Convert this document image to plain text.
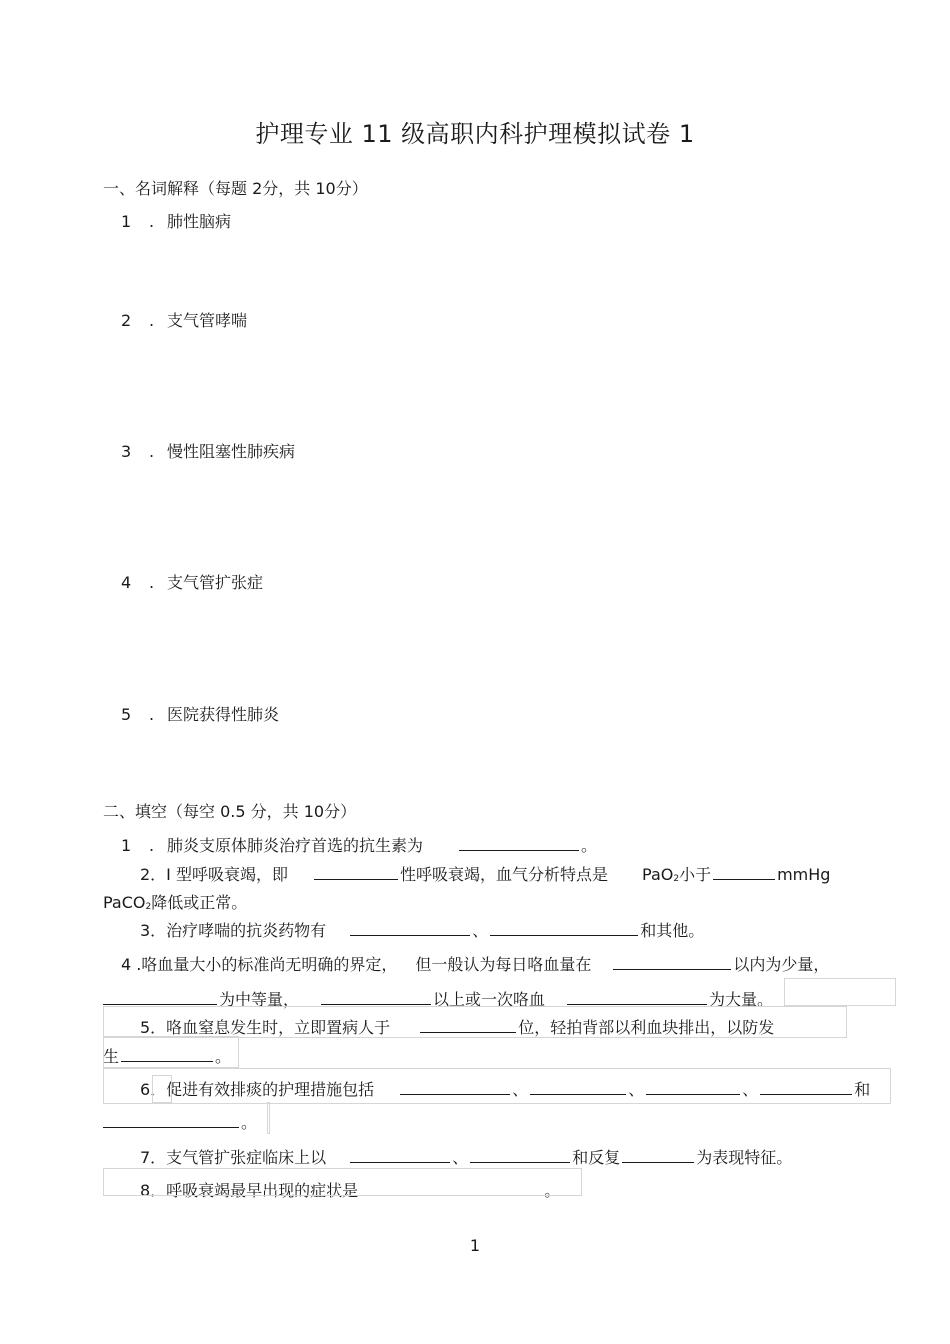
护理专业 11 级高职内科护理模拟试卷 1
一、名词解释（每题 2分，共 10分）
1 . 肺性脑病
2 . 支气管哮喘
3 . 慢性阻塞性肺疾病
4 . 支气管扩张症
5 . 医院获得性肺炎
二、填空（每空 0.5 分，共 10分）
1 . 肺炎支原体肺炎治疗首选的抗生素为	。
2．I 型呼吸衰竭，即	性呼吸衰竭，血气分析特点是 PaO2小于	mmHg
PaCO2降低或正常。
3．治疗哮喘的抗炎药物有	、	和其他。
4 .咯血量大小的标准尚无明确的界定， 但一般认为每日咯血量在	以内为少量，
为中等量，	以上或一次咯血	为大量。
5．咯血窒息发生时，立即置病人于	位，轻拍背部以利血块排出，以防发
生	。
6．促进有效排痰的护理措施包括	、	、	、	和
。
7．支气管扩张症临床上以	、	和反复	为表现特征。
8．呼吸衰竭最早出现的症状是	。
1
